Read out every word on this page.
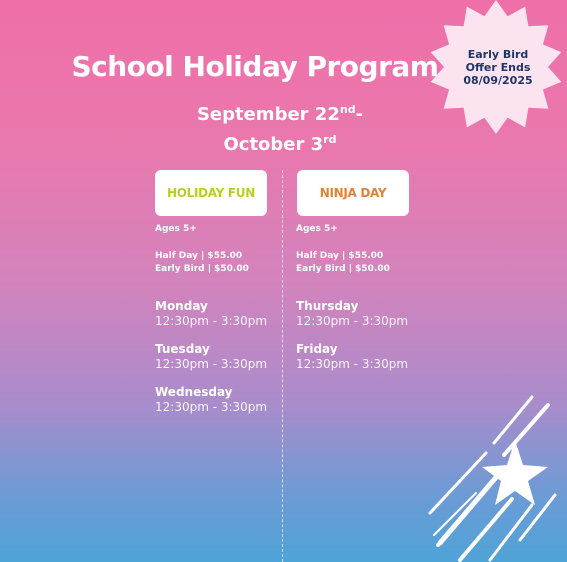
School Holiday Program
September 22nd-
October 3rd
Early Bird
Offer Ends
08/09/2025
HOLIDAY FUN	NINJA DAY
Ages 5+
Half Day | $55.00
Early Bird | $50.00
Monday
12:30pm - 3:30pm
Tuesday
12:30pm - 3:30pm
Wednesday
12:30pm - 3:30pm
Ages 5+
Half Day | $55.00
Early Bird | $50.00
Thursday
12:30pm - 3:30pm
Friday
12:30pm - 3:30pm
